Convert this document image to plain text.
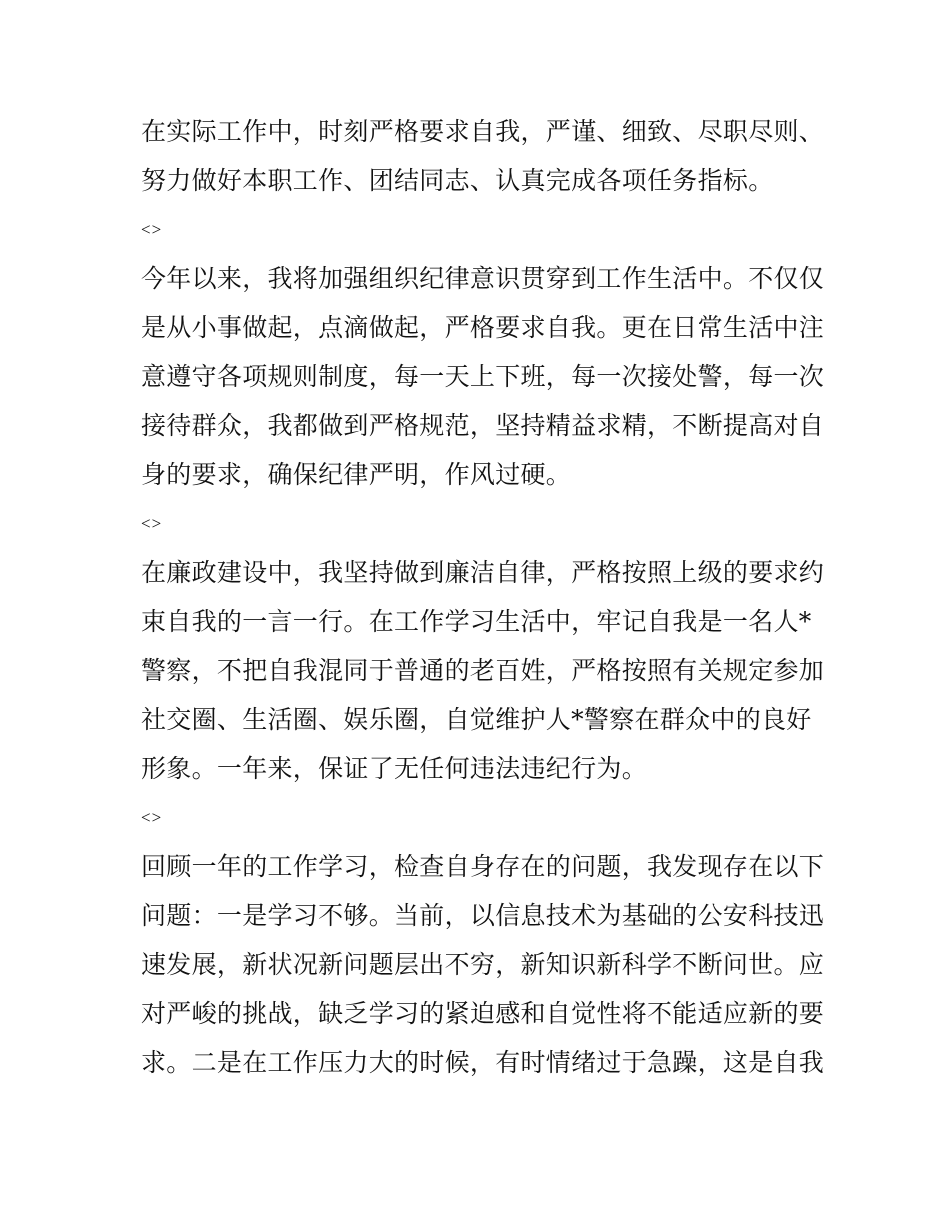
在实际工作中，时刻严格要求自我，严谨、细致、尽职尽则、
努力做好本职工作、团结同志、认真完成各项任务指标。
<>
今年以来，我将加强组织纪律意识贯穿到工作生活中。不仅仅
是从小事做起，点滴做起，严格要求自我。更在日常生活中注
意遵守各项规则制度，每一天上下班，每一次接处警，每一次
接待群众，我都做到严格规范，坚持精益求精，不断提高对自
身的要求，确保纪律严明，作风过硬。
<>
在廉政建设中，我坚持做到廉洁自律，严格按照上级的要求约
束自我的一言一行。在工作学习生活中，牢记自我是一名人*
警察，不把自我混同于普通的老百姓，严格按照有关规定参加
社交圈、生活圈、娱乐圈，自觉维护人*警察在群众中的良好
形象。一年来，保证了无任何违法违纪行为。
<>
回顾一年的工作学习，检查自身存在的问题，我发现存在以下
问题：一是学习不够。当前，以信息技术为基础的公安科技迅
速发展，新状况新问题层出不穷，新知识新科学不断问世。应
对严峻的挑战，缺乏学习的紧迫感和自觉性将不能适应新的要
求。二是在工作压力大的时候，有时情绪过于急躁，这是自我
